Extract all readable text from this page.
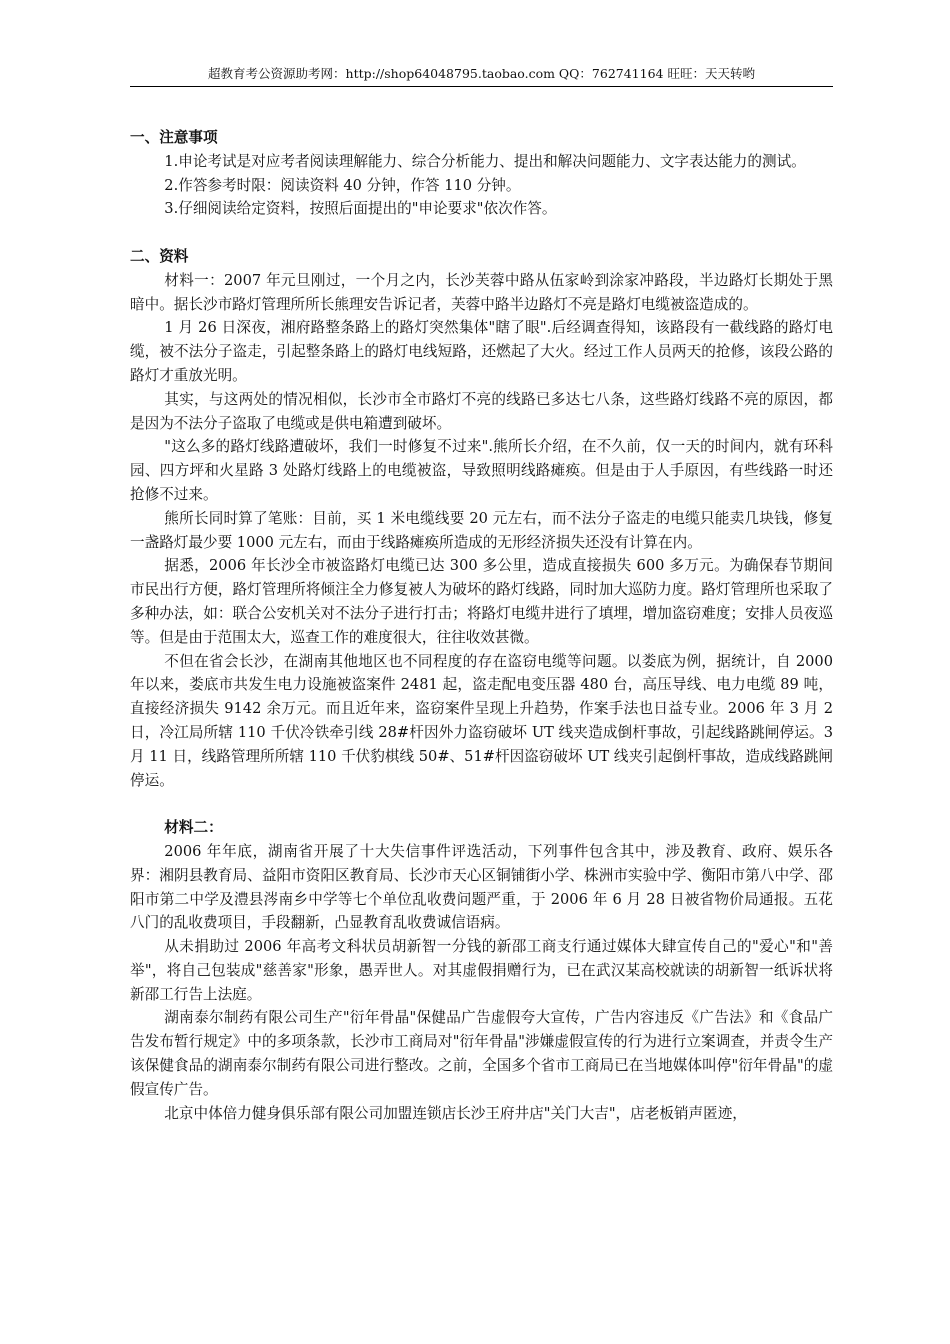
超教育考公资源助考网：http://shop64048795.taobao.com QQ：762741164 旺旺：天天转哟

一、注意事项

1.申论考试是对应考者阅读理解能力、综合分析能力、提出和解决问题能力、文字表达能力的测试。

2.作答参考时限：阅读资料 40 分钟，作答 110 分钟。

3.仔细阅读给定资料，按照后面提出的"申论要求"依次作答。

二、资料

材料一：2007 年元旦刚过，一个月之内，长沙芙蓉中路从伍家岭到涂家冲路段，半边路灯长期处于黑暗中。据长沙市路灯管理所所长熊理安告诉记者，芙蓉中路半边路灯不亮是路灯电缆被盗造成的。

1 月 26 日深夜，湘府路整条路上的路灯突然集体"瞎了眼".后经调查得知，该路段有一截线路的路灯电缆，被不法分子盗走，引起整条路上的路灯电线短路，还燃起了大火。经过工作人员两天的抢修，该段公路的路灯才重放光明。

其实，与这两处的情况相似，长沙市全市路灯不亮的线路已多达七八条，这些路灯线路不亮的原因，都是因为不法分子盗取了电缆或是供电箱遭到破坏。

"这么多的路灯线路遭破坏，我们一时修复不过来".熊所长介绍，在不久前，仅一天的时间内，就有环科园、四方坪和火星路 3 处路灯线路上的电缆被盗，导致照明线路瘫痪。但是由于人手原因，有些线路一时还抢修不过来。

熊所长同时算了笔账：目前，买 1 米电缆线要 20 元左右，而不法分子盗走的电缆只能卖几块钱，修复一盏路灯最少要 1000 元左右，而由于线路瘫痪所造成的无形经济损失还没有计算在内。

据悉，2006 年长沙全市被盗路灯电缆已达 300 多公里，造成直接损失 600 多万元。为确保春节期间市民出行方便，路灯管理所将倾注全力修复被人为破坏的路灯线路，同时加大巡防力度。路灯管理所也采取了多种办法，如：联合公安机关对不法分子进行打击；将路灯电缆井进行了填埋，增加盗窃难度；安排人员夜巡等。但是由于范围太大，巡查工作的难度很大，往往收效甚微。

不但在省会长沙，在湖南其他地区也不同程度的存在盗窃电缆等问题。以娄底为例，据统计，自 2000 年以来，娄底市共发生电力设施被盗案件 2481 起，盗走配电变压器 480 台，高压导线、电力电缆 89 吨，直接经济损失 9142 余万元。而且近年来，盗窃案件呈现上升趋势，作案手法也日益专业。2006 年 3 月 2 日，冷江局所辖 110 千伏冷铁牵引线 28#杆因外力盗窃破坏 UT 线夹造成倒杆事故，引起线路跳闸停运。3 月 11 日，线路管理所所辖 110 千伏豹棋线 50#、51#杆因盗窃破坏 UT 线夹引起倒杆事故，造成线路跳闸停运。

材料二：

2006 年年底，湖南省开展了十大失信事件评选活动，下列事件包含其中，涉及教育、政府、娱乐各界：湘阴县教育局、益阳市资阳区教育局、长沙市天心区铜铺街小学、株洲市实验中学、衡阳市第八中学、邵阳市第二中学及澧县涔南乡中学等七个单位乱收费问题严重，于 2006 年 6 月 28 日被省物价局通报。五花八门的乱收费项目，手段翻新，凸显教育乱收费诚信语病。

从未捐助过 2006 年高考文科状员胡新智一分钱的新邵工商支行通过媒体大肆宣传自己的"爱心"和"善举"，将自己包装成"慈善家"形象，愚弄世人。对其虚假捐赠行为，已在武汉某高校就读的胡新智一纸诉状将新邵工行告上法庭。

湖南泰尔制药有限公司生产"衍年骨晶"保健品广告虚假夸大宣传，广告内容违反《广告法》和《食品广告发布暂行规定》中的多项条款，长沙市工商局对"衍年骨晶"涉嫌虚假宣传的行为进行立案调查，并责令生产该保健食品的湖南泰尔制药有限公司进行整改。之前，全国多个省市工商局已在当地媒体叫停"衍年骨晶"的虚假宣传广告。

北京中体倍力健身俱乐部有限公司加盟连锁店长沙王府井店"关门大吉"，店老板销声匿迹，
